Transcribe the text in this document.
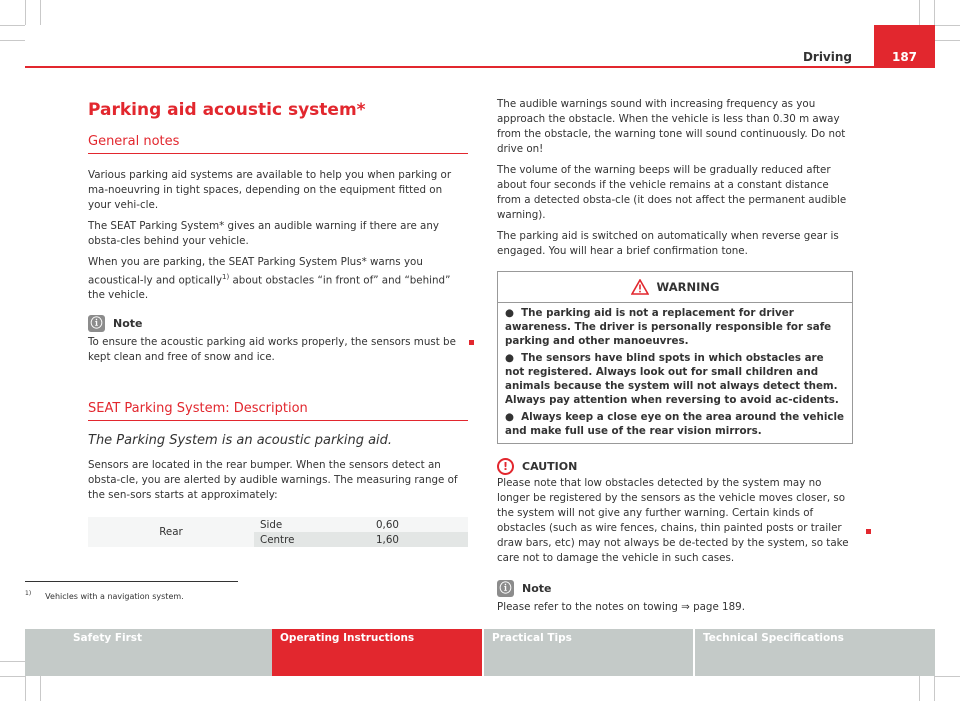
Driving	187
Parking aid acoustic system*
General notes

Various parking aid systems are available to help you when parking or ma-noeuvring in tight spaces, depending on the equipment fitted on your vehi-cle.

The SEAT Parking System* gives an audible warning if there are any obsta-cles behind your vehicle.

When you are parking, the SEAT Parking System Plus* warns you acoustical-ly and optically$^{1)}$ about obstacles “in front of” and “behind” the vehicle.

ⓘ Note

To ensure the acoustic parking aid works properly, the sensors must be kept clean and free of snow and ice.

SEAT Parking System: Description

The Parking System is an acoustic parking aid.

Sensors are located in the rear bumper. When the sensors detect an obsta-cle, you are alerted by audible warnings. The measuring range of the sen-sors starts at approximately:

Rear	Side	0,60
	Centre	1,60

The audible warnings sound with increasing frequency as you approach the obstacle. When the vehicle is less than 0.30 m away from the obstacle, the warning tone will sound continuously. Do not drive on!

The volume of the warning beeps will be gradually reduced after about four seconds if the vehicle remains at a constant distance from a detected obsta-cle (it does not affect the permanent audible warning).

The parking aid is switched on automatically when reverse gear is engaged. You will hear a brief confirmation tone.

WARNING
●  The parking aid is not a replacement for driver awareness. The driver is personally responsible for safe parking and other manoeuvres.
●  The sensors have blind spots in which obstacles are not registered. Always look out for small children and animals because the system will not always detect them. Always pay attention when reversing to avoid ac-cidents.
●  Always keep a close eye on the area around the vehicle and make full use of the rear vision mirrors.
!	CAUTION

Please note that low obstacles detected by the system may no longer be registered by the sensors as the vehicle moves closer, so the system will not give any further warning. Certain kinds of obstacles (such as wire fences, chains, thin painted posts or trailer draw bars, etc) may not always be de-tected by the system, so take care not to damage the vehicle in such cases.

ⓘ Note

Please refer to the notes on towing ⇒ page 189.

$^{1)}$ Vehicles with a navigation system.
Safety First	Operating Instructions	Practical Tips	Technical Specifications
